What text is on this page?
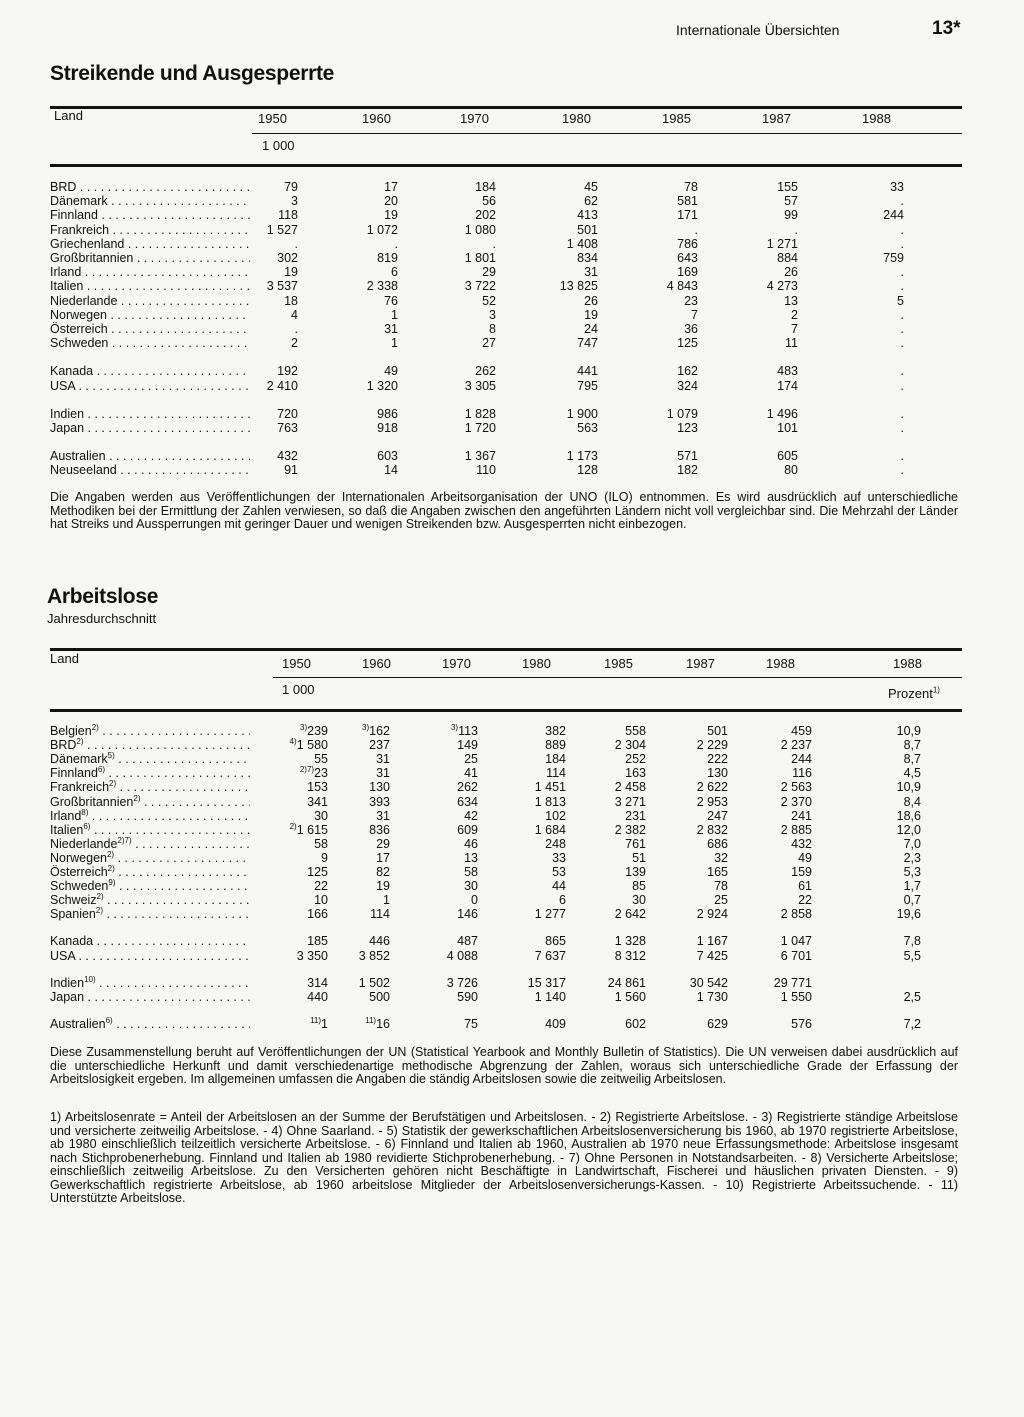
Internationale Übersichten	13*
Streikende und Ausgesperrte
Land	1950	1960	1970	1980	1985	1987	1988
1 000
BRD . . .	79	17	184	45	78	155	33
Dänemark . . .	3	20	56	62	581	57	.
Finnland . . .	118	19	202	413	171	99	244
Frankreich . . .	1 527	1 072	1 080	501	.	.	.
Griechenland . . .	.	.	.	1 408	786	1 271	.
Großbritannien . . .	302	819	1 801	834	643	884	759
Irland . . .	19	6	29	31	169	26	.
Italien . . .	3 537	2 338	3 722	13 825	4 843	4 273	.
Niederlande . . .	18	76	52	26	23	13	5
Norwegen . . .	4	1	3	19	7	2	.
Österreich . . .	.	31	8	24	36	7	.
Schweden . . .	2	1	27	747	125	11	.
Kanada . . .	192	49	262	441	162	483	.
USA . . .	2 410	1 320	3 305	795	324	174	.
Indien . . .	720	986	1 828	1 900	1 079	1 496	.
Japan . . .	763	918	1 720	563	123	101	.
Australien . . .	432	603	1 367	1 173	571	605	.
Neuseeland . . .	91	14	110	128	182	80	.
Die Angaben werden aus Veröffentlichungen der Internationalen Arbeitsorganisation der UNO (ILO) entnommen. Es wird ausdrücklich auf unterschiedliche Methodiken bei der Ermittlung der Zahlen verwiesen, so daß die Angaben zwischen den angeführten Ländern nicht voll vergleichbar sind. Die Mehrzahl der Länder hat Streiks und Aussperrungen mit geringer Dauer und wenigen Streikenden bzw. Ausgesperrten nicht einbezogen.
Arbeitslose
Jahresdurchschnitt
Land	1950	1960	1970	1980	1985	1987	1988	1988
1 000	Prozent$^{1)}$
Belgien$^{2)}$ . . .	$^{3)}$239	$^{3)}$162	$^{3)}$113	382	558	501	459	10,9
BRD$^{2)}$ . . .	$^{4)}$1 580	237	149	889	2 304	2 229	2 237	8,7
Dänemark$^{5)}$ . . .	55	31	25	184	252	222	244	8,7
Finnland$^{6)}$ . . .	$^{2)7)}$23	31	41	114	163	130	116	4,5
Frankreich$^{2)}$ . . .	153	130	262	1 451	2 458	2 622	2 563	10,9
Großbritannien$^{2)}$ . . .	341	393	634	1 813	3 271	2 953	2 370	8,4
Irland$^{8)}$ . . .	30	31	42	102	231	247	241	18,6
Italien$^{6)}$ . . .	$^{2)}$1 615	836	609	1 684	2 382	2 832	2 885	12,0
Niederlande$^{2)7)}$ . . .	58	29	46	248	761	686	432	7,0
Norwegen$^{2)}$ . . .	9	17	13	33	51	32	49	2,3
Österreich$^{2)}$ . . .	125	82	58	53	139	165	159	5,3
Schweden$^{9)}$ . . .	22	19	30	44	85	78	61	1,7
Schweiz$^{2)}$ . . .	10	1	0	6	30	25	22	0,7
Spanien$^{2)}$ . . .	166	114	146	1 277	2 642	2 924	2 858	19,6
Kanada . . .	185	446	487	865	1 328	1 167	1 047	7,8
USA . . .	3 350	3 852	4 088	7 637	8 312	7 425	6 701	5,5
Indien$^{10)}$ . . .	314	1 502	3 726	15 317	24 861	30 542	29 771
Japan . . .	440	500	590	1 140	1 560	1 730	1 550	2,5
Australien$^{6)}$ . . .	$^{11)}$1	$^{11)}$16	75	409	602	629	576	7,2
Diese Zusammenstellung beruht auf Veröffentlichungen der UN (Statistical Yearbook and Monthly Bulletin of Statistics). Die UN verweisen dabei ausdrücklich auf die unterschiedliche Herkunft und damit verschiedenartige methodische Abgrenzung der Zahlen, woraus sich unterschiedliche Grade der Erfassung der Arbeitslosigkeit ergeben. Im allgemeinen umfassen die Angaben die ständig Arbeitslosen sowie die zeitweilig Arbeitslosen.
1) Arbeitslosenrate = Anteil der Arbeitslosen an der Summe der Berufstätigen und Arbeitslosen. - 2) Registrierte Arbeitslose. - 3) Registrierte ständige Arbeitslose und versicherte zeitweilig Arbeitslose. - 4) Ohne Saarland. - 5) Statistik der gewerkschaftlichen Arbeitslosenversicherung bis 1960, ab 1970 registrierte Arbeitslose, ab 1980 einschließlich teilzeitlich versicherte Arbeitslose. - 6) Finnland und Italien ab 1960, Australien ab 1970 neue Erfassungsmethode: Arbeitslose insgesamt nach Stichprobenerhebung. Finnland und Italien ab 1980 revidierte Stichprobenerhebung. - 7) Ohne Personen in Notstandsarbeiten. - 8) Versicherte Arbeitslose; einschließlich zeitweilig Arbeitslose. Zu den Versicherten gehören nicht Beschäftigte in Landwirtschaft, Fischerei und häuslichen privaten Diensten. - 9) Gewerkschaftlich registrierte Arbeitslose, ab 1960 arbeitslose Mitglieder der Arbeitslosenversicherungs-Kassen. - 10) Registrierte Arbeitssuchende. - 11) Unterstützte Arbeitslose.
